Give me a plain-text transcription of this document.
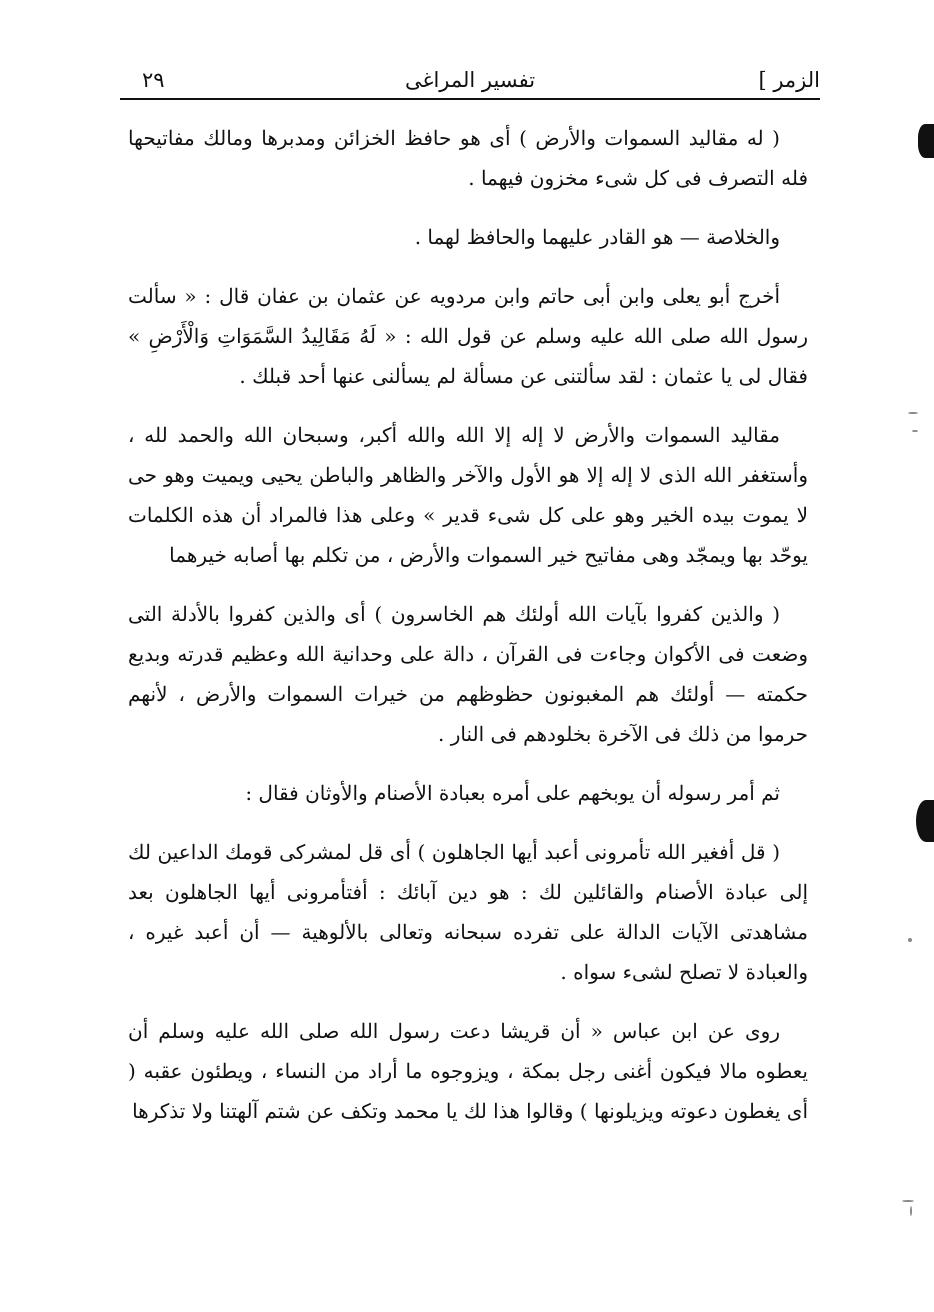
الزمر ]
تفسير المراغى
٢٩

( له مقاليد السموات والأرض ) أى هو حافظ الخزائن ومدبرها ومالك مفاتيحها فله التصرف فى كل شىء مخزون فيهما .

والخلاصة — هو القادر عليهما والحافظ لهما .

أخرج أبو يعلى وابن أبى حاتم وابن مردويه عن عثمان بن عفان قال : « سألت رسول الله صلى الله عليه وسلم عن قول الله : « لَهُ مَقَالِيدُ السَّمَوَاتِ وَالْأَرْضِ » فقال لى يا عثمان : لقد سألتنى عن مسألة لم يسألنى عنها أحد قبلك .

مقاليد السموات والأرض لا إله إلا الله والله أكبر، وسبحان الله والحمد لله ، وأستغفر الله الذى لا إله إلا هو الأول والآخر والظاهر والباطن يحيى ويميت وهو حى لا يموت بيده الخير وهو على كل شىء قدير » وعلى هذا فالمراد أن هذه الكلمات يوحّد بها ويمجّد وهى مفاتيح خير السموات والأرض ، من تكلم بها أصابه خيرهما

( والذين كفروا بآيات الله أولئك هم الخاسرون ) أى والذين كفروا بالأدلة التى وضعت فى الأكوان وجاءت فى القرآن ، دالة على وحدانية الله وعظيم قدرته وبديع حكمته — أولئك هم المغبونون حظوظهم من خيرات السموات والأرض ، لأنهم حرموا من ذلك فى الآخرة بخلودهم فى النار .

ثم أمر رسوله أن يوبخهم على أمره بعبادة الأصنام والأوثان فقال :

( قل أفغير الله تأمرونى أعبد أيها الجاهلون ) أى قل لمشركى قومك الداعين لك إلى عبادة الأصنام والقائلين لك : هو دين آبائك : أفتأمرونى أيها الجاهلون بعد مشاهدتى الآيات الدالة على تفرده سبحانه وتعالى بالألوهية — أن أعبد غيره ، والعبادة لا تصلح لشىء سواه .

روى عن ابن عباس « أن قريشا دعت رسول الله صلى الله عليه وسلم أن يعطوه مالا فيكون أغنى رجل بمكة ، ويزوجوه ما أراد من النساء ، ويطئون عقبه ( أى يغطون دعوته ويزيلونها ) وقالوا هذا لك يا محمد وتكف عن شتم آلهتنا ولا تذكرها
